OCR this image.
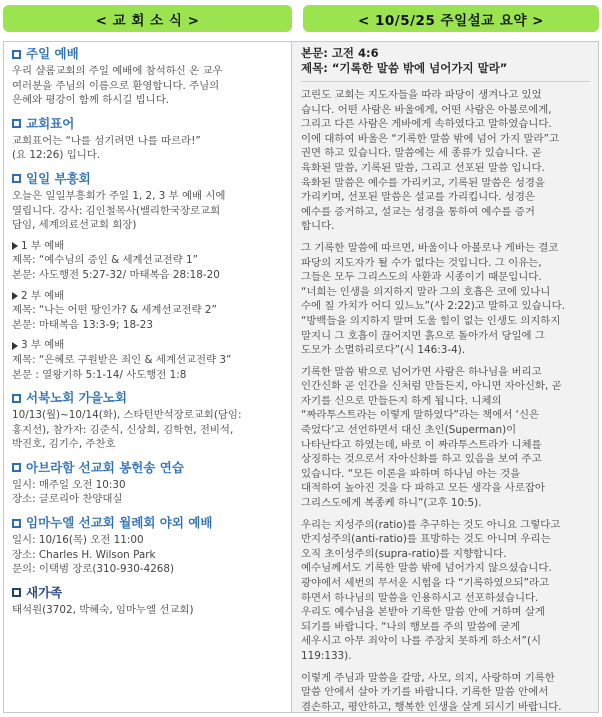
< 교 회 소 식 >	< 10/5/25 주일설교 요약 >
주일 예배
우리 샬롬교회의 주일 예배에 참석하신 온 교우
여러분을 주님의 이름으로 환영합니다. 주님의
은혜와 평강이 함께 하시길 빕니다.
교회표어
교회표어는 “나를 섬기려면 나를 따르라!”
(요 12:26) 입니다.
일일 부흥회
오늘은 일일부흥회가 주일 1, 2, 3 부 예배 시에
열립니다. 강사: 김인철목사(밸리한국장로교회
담임, 세계의료선교회 회장)
1 부 예배
제목: “예수님의 증인 & 세계선교전략 1”
본문: 사도행전 5:27-32/ 마태복음 28:18-20
2 부 예배
제목: “나는 어떤 땅인가? & 세계선교전략 2”
본문: 마태복음 13:3-9; 18-23
3 부 예배
제목: “은혜로 구원받은 죄인 & 세계선교전략 3”
본문 : 열왕기하 5:1-14/ 사도행전 1:8
서북노회 가을노회
10/13(월)~10/14(화), 스타턴반석장로교회(담임:
홍지선), 참가자: 김준식, 신상희, 김학현, 전비석,
박진호, 김기수, 주찬호
아브라함 선교회 봉헌송 연습
일시: 매주일 오전 10:30
장소: 글로리아 찬양대실
임마누엘 선교회 월례회 야외 예배
일시: 10/16(목) 오전 11:00
장소: Charles H. Wilson Park
문의: 이택범 장로(310-930-4268)
새가족
태석원(3702, 박혜숙, 임마누엘 선교회)
본문: 고전 4:6
제목: “기록한 말씀 밖에 넘어가지 말라”
고린도 교회는 지도자들을 따라 파당이 생겨나고 있었
습니다. 어떤 사람은 바울에게, 어떤 사람은 아볼로에게,
그리고 다른 사람은 게바에게 속하였다고 말하였습니다.
이에 대하여 바울은 “기록한 말씀 밖에 넘어 가지 말라”고
권면 하고 있습니다. 말씀에는 세 종류가 있습니다. 곧
육화된 말씀, 기록된 말씀, 그리고 선포된 말씀 입니다.
육화된 말씀은 예수를 가리키고, 기록된 말씀은 성경을
가리키며, 선포된 말씀은 설교를 가리킵니다. 성경은
예수를 증거하고, 설교는 성경을 통하여 예수를 증거
합니다.
그 기록한 말씀에 따르면, 바울이나 아볼로나 게바는 결코
파당의 지도자가 될 수가 없다는 것입니다. 그 이유는,
그들은 모두 그리스도의 사환과 시종이기 때문입니다.
“너희는 인생을 의지하지 말라 그의 호흡은 코에 있나니
수에 칠 가치가 어디 있느뇨”(사 2:22)고 말하고 있습니다.
“방백들을 의지하지 말며 도울 힘이 없는 인생도 의지하지
말지니 그 호흡이 끊어지면 흙으로 돌아가서 당일에 그
도모가 소멸하리로다”(시 146:3-4).
기록한 말씀 밖으로 넘어가면 사람은 하나님을 버리고
인간신화 곧 인간을 신처럼 만들든지, 아니면 자아신화, 곧
자기를 신으로 만들든지 하게 됩니다. 니체의
“짜라투스트라는 이렇게 말하였다”라는 책에서 ‘신은
죽었다’고 선언하면서 대신 초인(Superman)이
나타난다고 하였는데, 바로 이 짜라투스트라가 니체를
상징하는 것으로서 자아신화를 하고 있음을 보여 주고
있습니다. “모든 이론을 파하며 하나님 아는 것을
대적하여 높아진 것을 다 파하고 모든 생각을 사로잡아
그리스도에게 복종케 하니”(고후 10:5).
우리는 지성주의(ratio)를 추구하는 것도 아니요 그렇다고
반지성주의(anti-ratio)를 표방하는 것도 아니며 우리는
오직 초이성주의(supra-ratio)를 지향합니다.
예수님께서도 기록한 말씀 밖에 넘어가지 않으셨습니다.
광야에서 세번의 무서운 시험을 다 “기록하였으되”라고
하면서 하나님의 말씀을 인용하시고 선포하셨습니다.
우리도 예수님을 본받아 기록한 말씀 안에 거하며 살게
되기를 바랍니다. “나의 행보를 주의 말씀에 굳게
세우시고 아무 죄악이 나를 주장치 못하게 하소서”(시
119:133).
이렇게 주님과 말씀을 갈망, 사모, 의지, 사랑하며 기록한
말씀 안에서 살아 가기를 바랍니다. 기록한 말씀 안에서
겸손하고, 평안하고, 행복한 인생을 살게 되시기 바랍니다.
